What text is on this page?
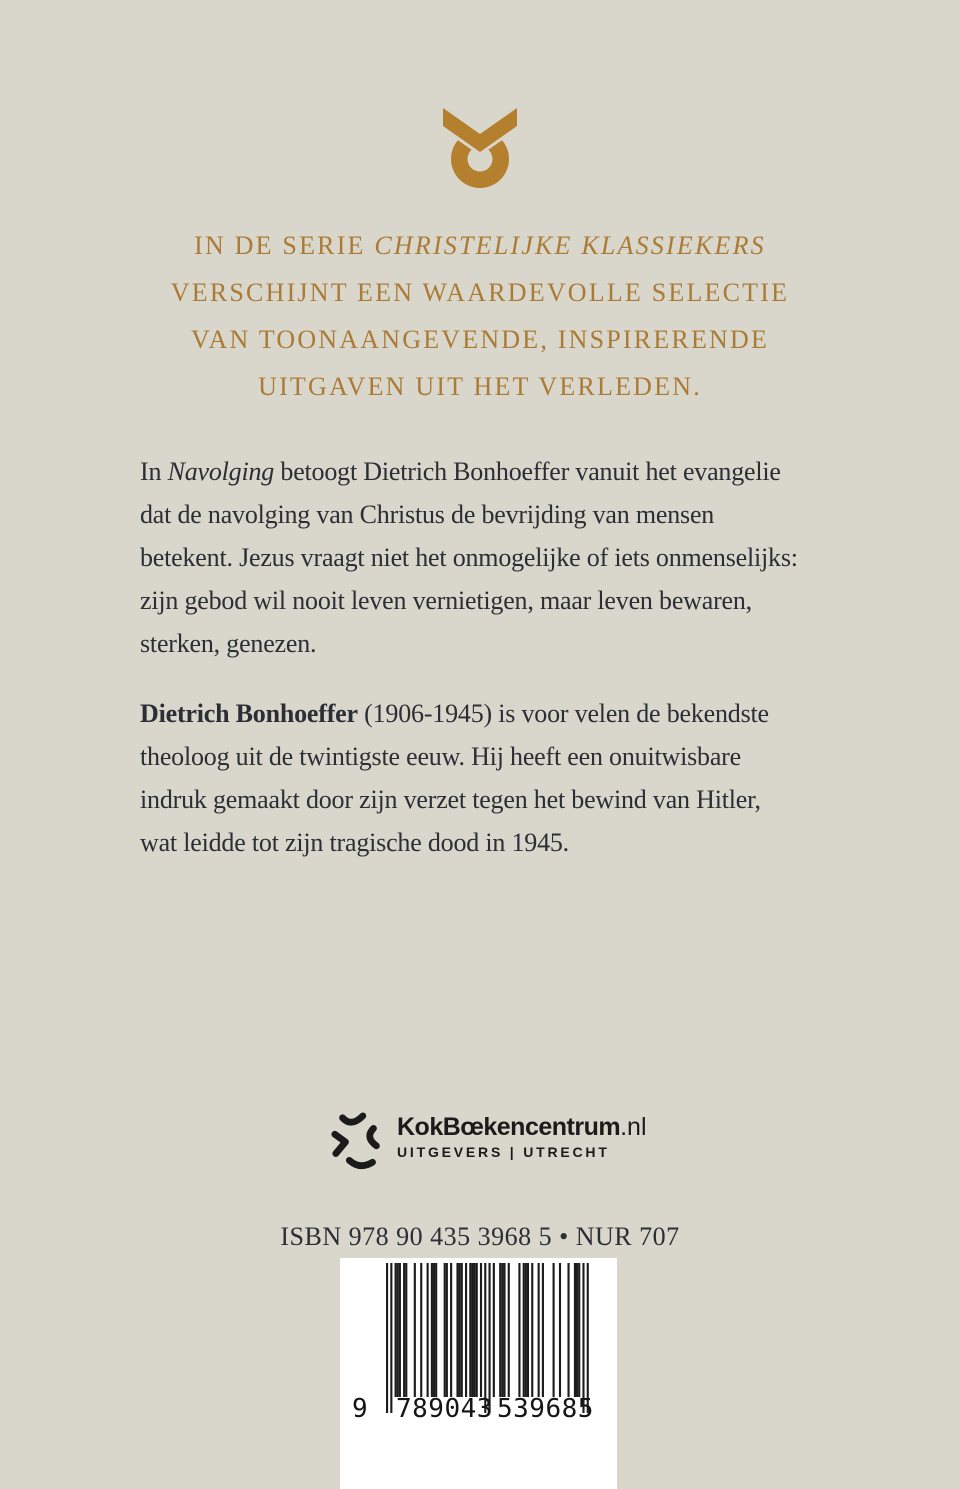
IN DE SERIE CHRISTELIJKE KLASSIEKERS
VERSCHIJNT EEN WAARDEVOLLE SELECTIE
VAN TOONAANGEVENDE, INSPIRERENDE
UITGAVEN UIT HET VERLEDEN.
In Navolging betoogt Dietrich Bonhoeffer vanuit het evangelie
dat de navolging van Christus de bevrijding van mensen
betekent. Jezus vraagt niet het onmogelijke of iets onmenselijks:
zijn gebod wil nooit leven vernietigen, maar leven bewaren,
sterken, genezen.
Dietrich Bonhoeffer (1906-1945) is voor velen de bekendste
theoloog uit de twintigste eeuw. Hij heeft een onuitwisbare
indruk gemaakt door zijn verzet tegen het bewind van Hitler,
wat leidde tot zijn tragische dood in 1945.
KokBœkencentrum.nl
UITGEVERS | UTRECHT
ISBN 978 90 435 3968 5 • NUR 707
9 789043 539685
